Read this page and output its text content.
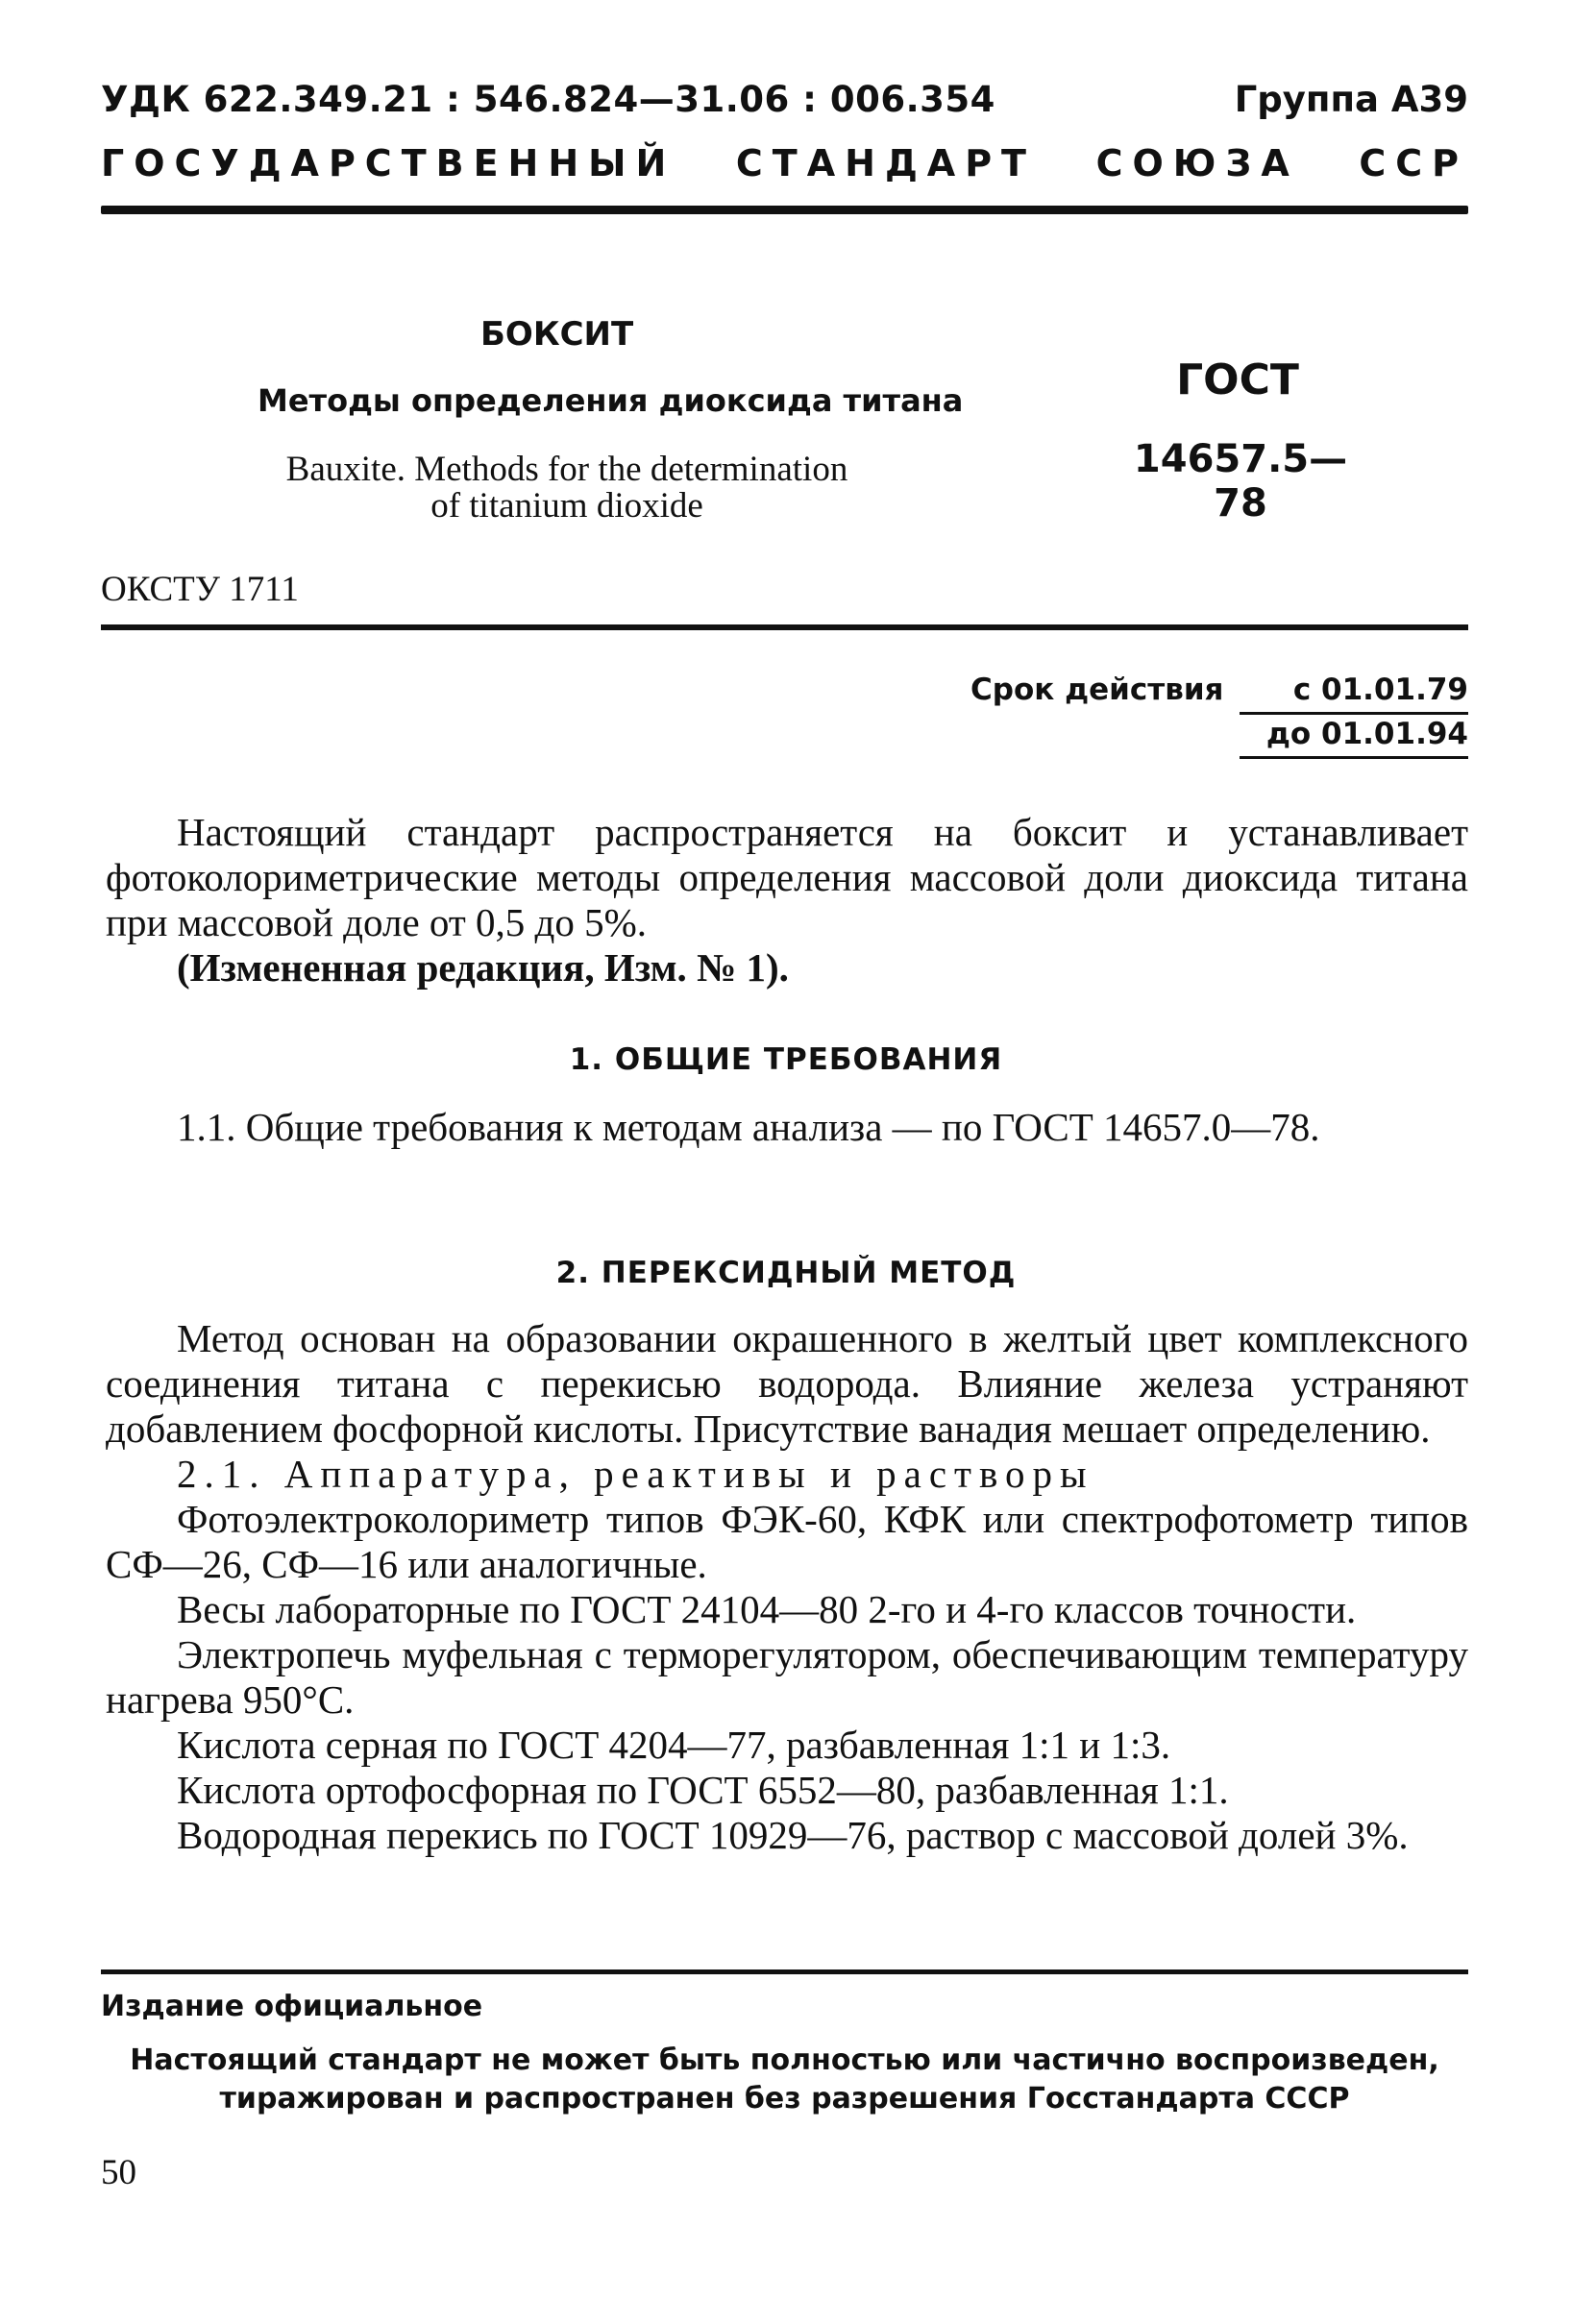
УДК 622.349.21 : 546.824—31.06 : 006.354	Группа А39
ГОСУДАРСТВЕННЫЙ СТАНДАРТ СОЮЗА ССР
БОКСИТ
Методы определения диоксида титана
Bauxite. Methods for the determination
of titanium dioxide
ГОСТ
14657.5—78
ОКСТУ 1711
Срок действия с 01.01.79
до 01.01.94

Настоящий стандарт распространяется на боксит и устанавливает фотоколориметрические методы определения массовой доли диоксида титана при массовой доле от 0,5 до 5%.

(Измененная редакция, Изм. № 1).

1. ОБЩИЕ ТРЕБОВАНИЯ

1.1. Общие требования к методам анализа — по ГОСТ 14657.0—78.

2. ПЕРЕКСИДНЫЙ МЕТОД

Метод основан на образовании окрашенного в желтый цвет комплексного соединения титана с перекисью водорода. Влияние железа устраняют добавлением фосфорной кислоты. Присутствие ванадия мешает определению.

2.1. Аппаратура, реактивы и растворы

Фотоэлектроколориметр типов ФЭК-60, КФК или спектрофотометр типов СФ—26, СФ—16 или аналогичные.

Весы лабораторные по ГОСТ 24104—80 2-го и 4-го классов точности.

Электропечь муфельная с терморегулятором, обеспечивающим температуру нагрева 950°С.

Кислота серная по ГОСТ 4204—77, разбавленная 1:1 и 1:3.

Кислота ортофосфорная по ГОСТ 6552—80, разбавленная 1:1.

Водородная перекись по ГОСТ 10929—76, раствор с массовой долей 3%.

Издание официальное
Настоящий стандарт не может быть полностью или частично воспроизведен,
тиражирован и распространен без разрешения Госстандарта СССР
50
